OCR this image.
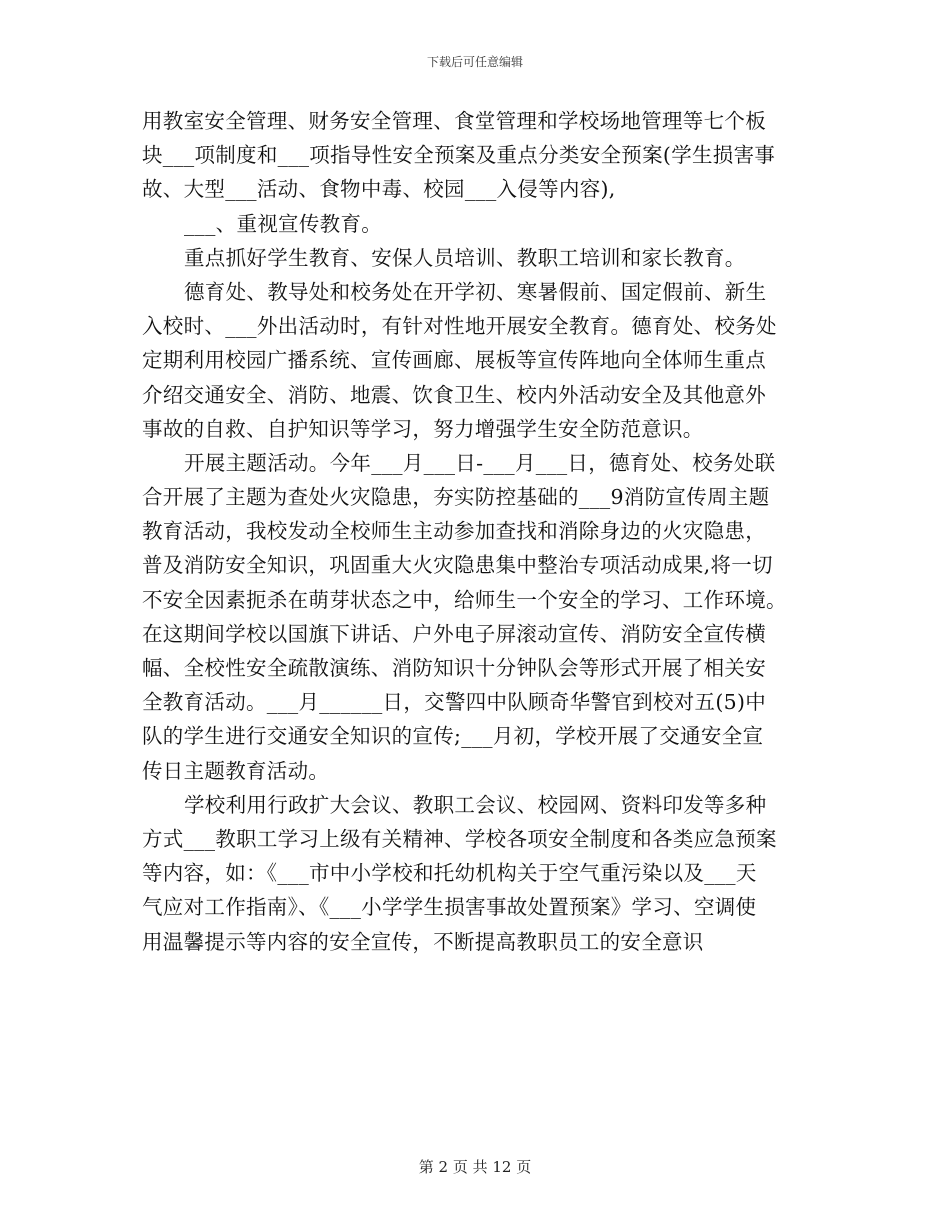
下载后可任意编辑
用教室安全管理、财务安全管理、食堂管理和学校场地管理等七个板
块___项制度和___项指导性安全预案及重点分类安全预案(学生损害事
故、大型___活动、食物中毒、校园___入侵等内容),
___、重视宣传教育。
重点抓好学生教育、安保人员培训、教职工培训和家长教育。
德育处、教导处和校务处在开学初、寒暑假前、国定假前、新生
入校时、___外出活动时，有针对性地开展安全教育。德育处、校务处
定期利用校园广播系统、宣传画廊、展板等宣传阵地向全体师生重点
介绍交通安全、消防、地震、饮食卫生、校内外活动安全及其他意外
事故的自救、自护知识等学习，努力增强学生安全防范意识。
开展主题活动。今年___月___日-___月___日，德育处、校务处联
合开展了主题为查处火灾隐患，夯实防控基础的___9消防宣传周主题
教育活动，我校发动全校师生主动参加查找和消除身边的火灾隐患，
普及消防安全知识，巩固重大火灾隐患集中整治专项活动成果,将一切
不安全因素扼杀在萌芽状态之中，给师生一个安全的学习、工作环境。
在这期间学校以国旗下讲话、户外电子屏滚动宣传、消防安全宣传横
幅、全校性安全疏散演练、消防知识十分钟队会等形式开展了相关安
全教育活动。___月______日，交警四中队顾奇华警官到校对五(5)中
队的学生进行交通安全知识的宣传;___月初，学校开展了交通安全宣
传日主题教育活动。
学校利用行政扩大会议、教职工会议、校园网、资料印发等多种
方式___教职工学习上级有关精神、学校各项安全制度和各类应急预案
等内容，如：《___市中小学校和托幼机构关于空气重污染以及___天
气应对工作指南》、《___小学学生损害事故处置预案》学习、空调使
用温馨提示等内容的安全宣传，不断提高教职员工的安全意识
第 2 页 共 12 页
